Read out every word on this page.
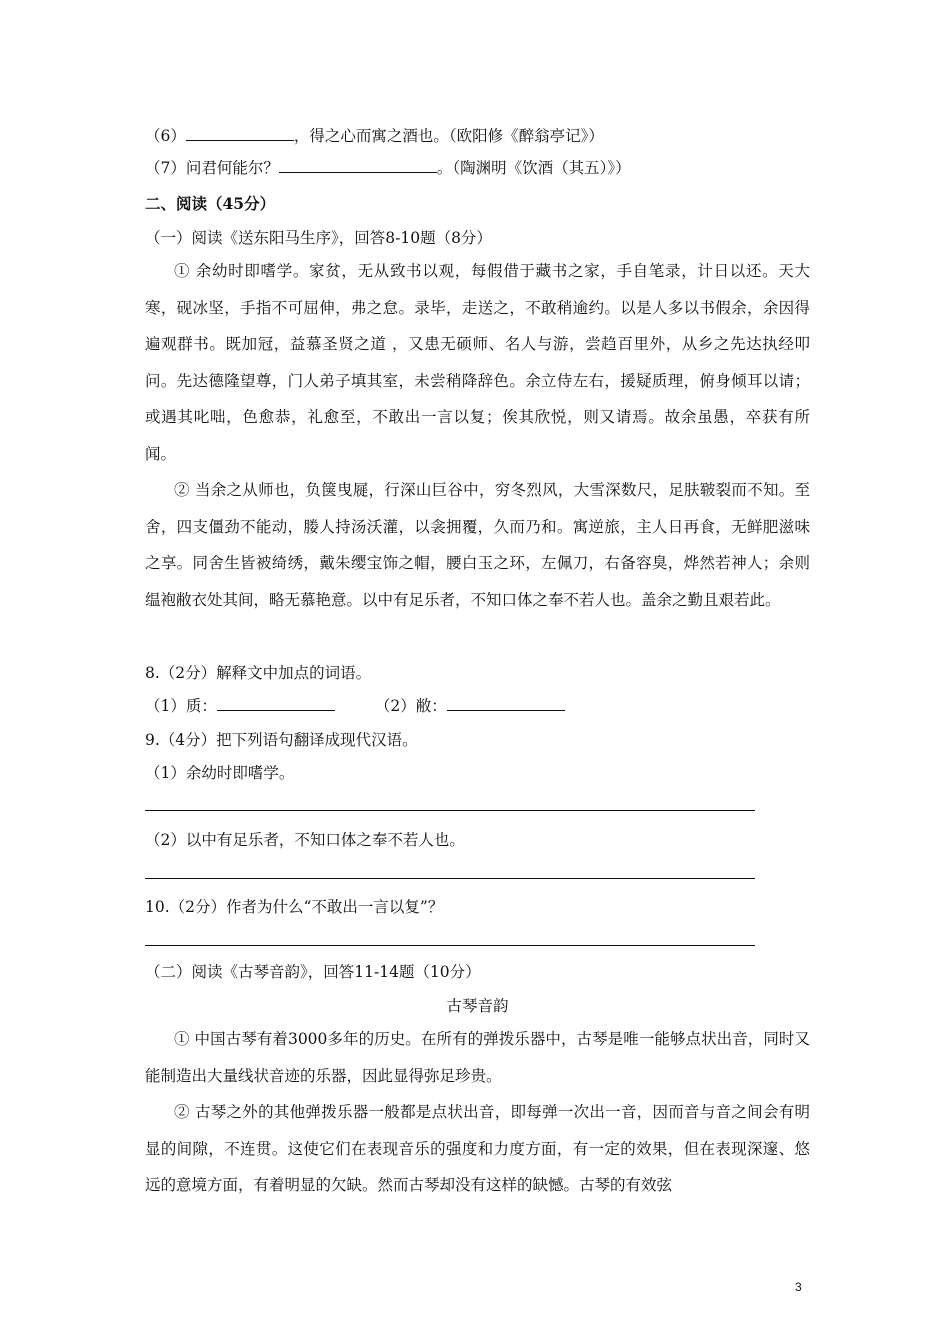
（6）	，得之心而寓之酒也。（欧阳修《醉翁亭记》）
（7）问君何能尔？	。（陶渊明《饮酒（其五）》）
二、阅读（45分）
（一）阅读《送东阳马生序》，回答8-10题（8分）

① 余幼时即嗜学。家贫，无从致书以观，每假借于藏书之家，手自笔录，计日以还。天大寒，砚冰坚，手指不可屈伸，弗之怠。录毕，走送之，不敢稍逾约。以是人多以书假余，余因得遍观群书。既加冠，益慕圣贤之道 ，又患无硕师、名人与游，尝趋百里外，从乡之先达执经叩问。先达德隆望尊，门人弟子填其室，未尝稍降辞色。余立侍左右，援疑质理，俯身倾耳以请；或遇其叱咄，色愈恭，礼愈至，不敢出一言以复；俟其欣悦，则又请焉。故余虽愚，卒获有所闻。

② 当余之从师也，负箧曳屣，行深山巨谷中，穷冬烈风，大雪深数尺，足肤皲裂而不知。至舍，四支僵劲不能动，媵人持汤沃灌，以衾拥覆，久而乃和。寓逆旅，主人日再食，无鲜肥滋味之享。同舍生皆被绮绣，戴朱缨宝饰之帽，腰白玉之环，左佩刀，右备容臭，烨然若神人；余则缊袍敝衣处其间，略无慕艳意。以中有足乐者，不知口体之奉不若人也。盖余之勤且艰若此。

8.（2分）解释文中加点的词语。
（1）质：	（2）敝：
9.（4分）把下列语句翻译成现代汉语。
（1）余幼时即嗜学。
（2）以中有足乐者，不知口体之奉不若人也。
10.（2分）作者为什么“不敢出一言以复”？
（二）阅读《古琴音韵》，回答11-14题（10分）
古琴音韵

① 中国古琴有着3000多年的历史。在所有的弹拨乐器中，古琴是唯一能够点状出音，同时又能制造出大量线状音迹的乐器，因此显得弥足珍贵。

② 古琴之外的其他弹拨乐器一般都是点状出音，即每弹一次出一音，因而音与音之间会有明显的间隙，不连贯。这使它们在表现音乐的强度和力度方面，有一定的效果，但在表现深邃、悠远的意境方面，有着明显的欠缺。然而古琴却没有这样的缺憾。古琴的有效弦

3
